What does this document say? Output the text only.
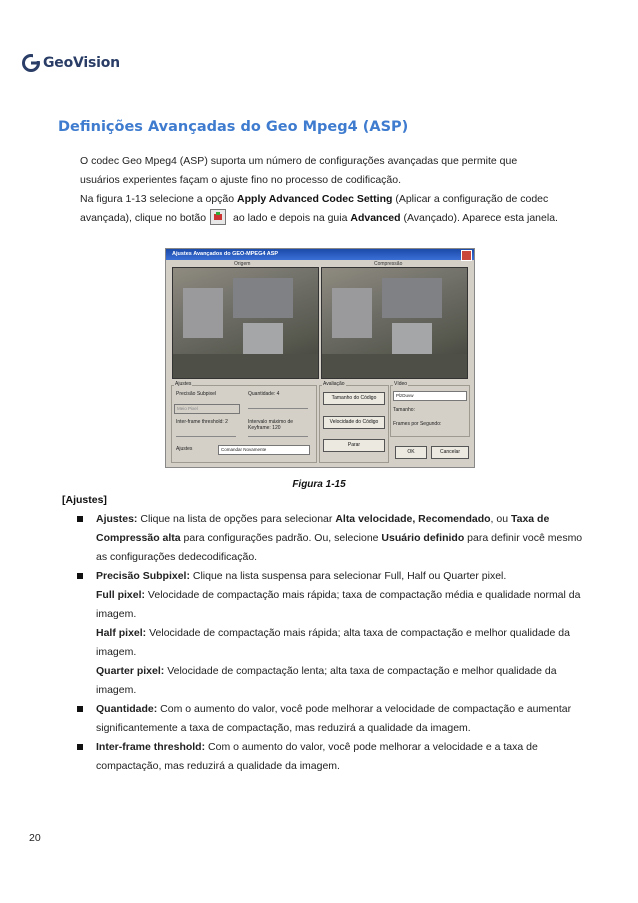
GeoVision
Definições Avançadas do Geo Mpeg4 (ASP)
O codec Geo Mpeg4 (ASP) suporta um número de configurações avançadas que permite que usuários experientes façam o ajuste fino no processo de codificação.
Na figura 1-13 selecione a opção Apply Advanced Codec Setting (Aplicar a configuração de codec avançada), clique no botão ao lado e depois na guia Advanced (Avançado). Aparece esta janela.
Ajustes Avançados do GEO-MPEG4 ASP
Origem	Compressão
Ajustes
Precisão Subpixel	Quantidade: 4
Meio Pixel
Inter-frame threshold: 2	Intervalo máximo de Keyframe: 120
Ajustes	Comandar Novamente
Avaliação
Tamanho do Código
Velocidade do Código
Parar
Vídeo
PlzDuvw
Tamanho:
Frames por Segundo:
OK	Cancelar
Figura 1-15
[Ajustes]
Ajustes: Clique na lista de opções para selecionar Alta velocidade, Recomendado, ou Taxa de Compressão alta para configurações padrão. Ou, selecione Usuário definido para definir você mesmo as configurações dedecodificação.
Precisão Subpixel: Clique na lista suspensa para selecionar Full, Half ou Quarter pixel.
Full pixel: Velocidade de compactação mais rápida; taxa de compactação média e qualidade normal da imagem.
Half pixel: Velocidade de compactação mais rápida; alta taxa de compactação e melhor qualidade da imagem.
Quarter pixel: Velocidade de compactação lenta; alta taxa de compactação e melhor qualidade da imagem.
Quantidade: Com o aumento do valor, você pode melhorar a velocidade de compactação e aumentar significantemente a taxa de compactação, mas reduzirá a qualidade da imagem.
Inter-frame threshold: Com o aumento do valor, você pode melhorar a velocidade e a taxa de compactação, mas reduzirá a qualidade da imagem.
20
